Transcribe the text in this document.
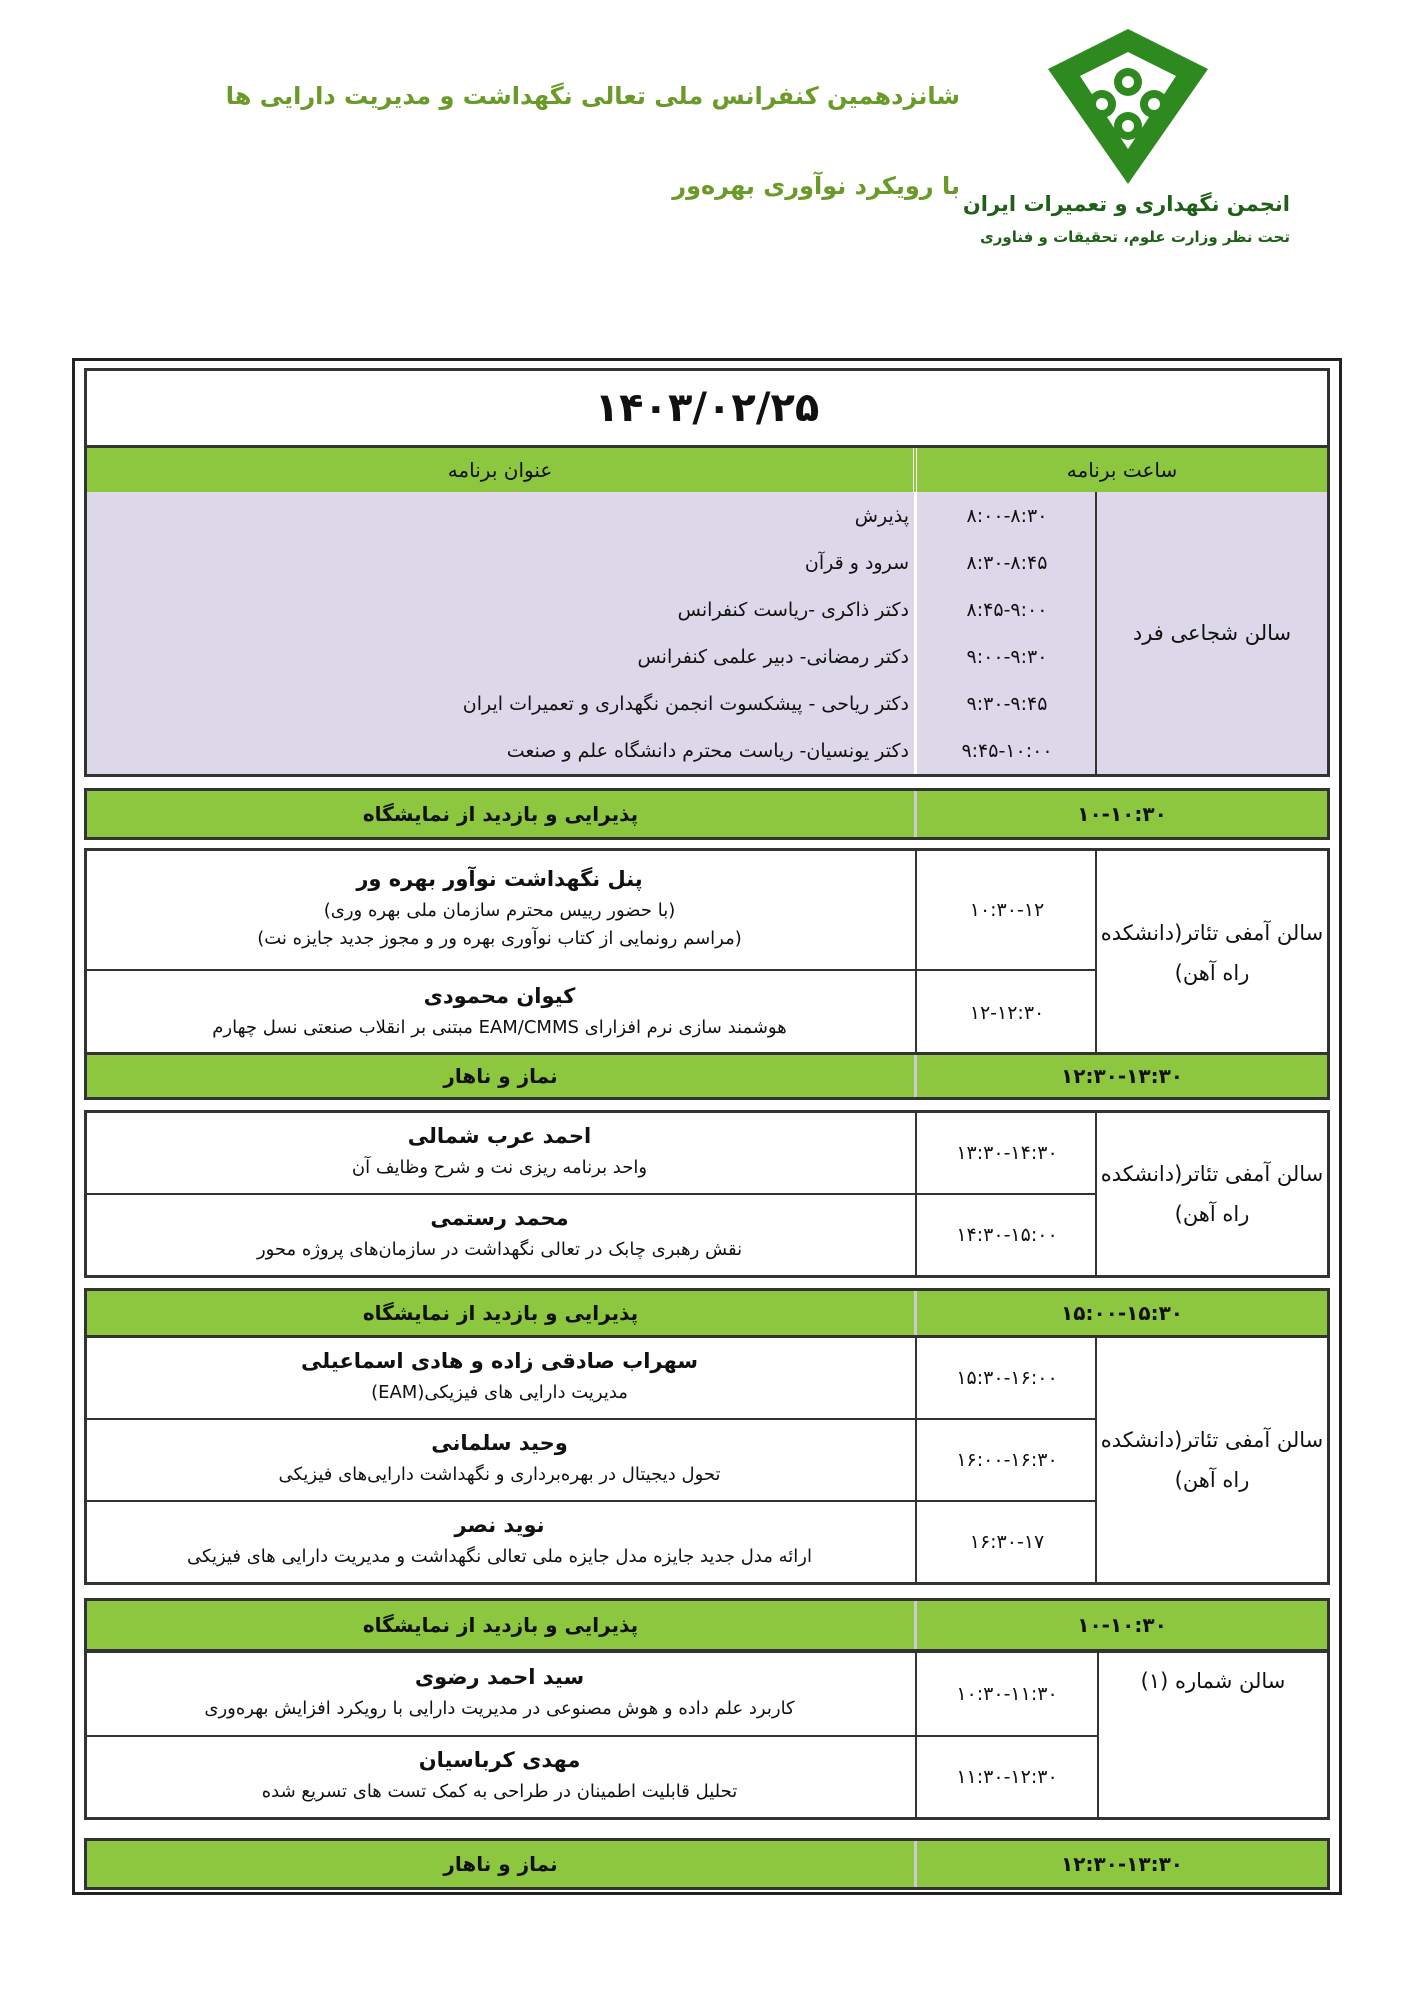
انجمن نگهداری و تعمیرات ایران
تحت نظر وزارت علوم، تحقیقات و فناوری
شانزدهمین کنفرانس ملی تعالی نگهداشت و مدیریت دارایی ها
با رویکرد نوآوری بهره‌ور
۱۴۰۳/۰۲/۲۵
ساعت برنامه
عنوان برنامه
سالن شجاعی فرد
۸:۰۰-۸:۳۰
پذیرش
۸:۳۰-۸:۴۵
سرود و قرآن
۸:۴۵-۹:۰۰
دکتر ذاکری -ریاست کنفرانس
۹:۰۰-۹:۳۰
دکتر رمضانی- دبیر علمی کنفرانس
۹:۳۰-۹:۴۵
دکتر ریاحی - پیشکسوت انجمن نگهداری و تعمیرات ایران
۹:۴۵-۱۰:۰۰
دکتر یونسیان- ریاست محترم دانشگاه علم و صنعت
۱۰-۱۰:۳۰
پذیرایی و بازدید از نمایشگاه
سالن آمفی تئاتر(دانشکده راه آهن)
۱۰:۳۰-۱۲
پنل نگهداشت نوآور بهره ور
(با حضور رییس محترم سازمان ملی بهره وری)
(مراسم رونمایی از کتاب نوآوری بهره ور و مجوز جدید جایزه نت)
۱۲-۱۲:۳۰
کیوان محمودی
هوشمند سازی نرم افزارای EAM/CMMS مبتنی بر انقلاب صنعتی نسل چهارم
۱۲:۳۰-۱۳:۳۰
نماز و ناهار
سالن آمفی تئاتر(دانشکده راه آهن)
۱۳:۳۰-۱۴:۳۰
احمد عرب شمالی
واحد برنامه ریزی نت و شرح وظایف آن
۱۴:۳۰-۱۵:۰۰
محمد رستمی
نقش رهبری چابک در تعالی نگهداشت در سازمان‌های پروژه محور
۱۵:۰۰-۱۵:۳۰
پذیرایی و بازدید از نمایشگاه
سالن آمفی تئاتر(دانشکده راه آهن)
۱۵:۳۰-۱۶:۰۰
سهراب صادقی زاده و هادی اسماعیلی
مدیریت دارایی های فیزیکی(EAM)
۱۶:۰۰-۱۶:۳۰
وحید سلمانی
تحول دیجیتال در بهره‌برداری و نگهداشت دارایی‌های فیزیکی
۱۶:۳۰-۱۷
نوید نصر
ارائه مدل جدید جایزه مدل جایزه ملی تعالی نگهداشت و مدیریت دارایی های فیزیکی
۱۰-۱۰:۳۰
پذیرایی و بازدید از نمایشگاه
سالن شماره (۱)
۱۰:۳۰-۱۱:۳۰
سید احمد رضوی
کاربرد علم داده و هوش مصنوعی در مدیریت دارایی با رویکرد افزایش بهره‌وری
۱۱:۳۰-۱۲:۳۰
مهدی کرباسیان
تحلیل قابلیت اطمینان در طراحی به کمک تست های تسریع شده
۱۲:۳۰-۱۳:۳۰
نماز و ناهار
